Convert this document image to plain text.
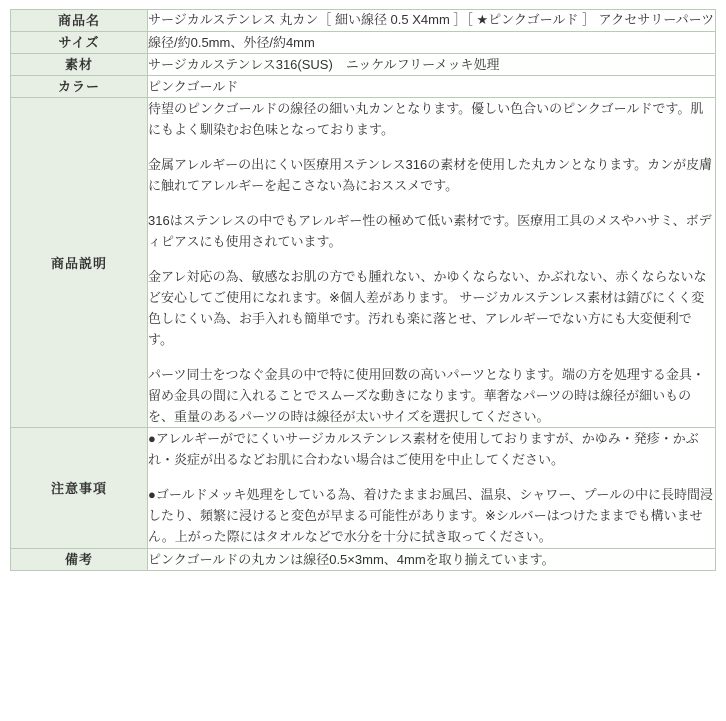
商品名	サージカルステンレス 丸カン［ 細い線径 0.5 X4mm ］［ ★ピンクゴールド ］ アクセサリーパーツ

サイズ	線径/約0.5mm、外径/約4mm

素材	サージカルステンレス316(SUS)　ニッケルフリーメッキ処理

カラー	ピンクゴールド

商品説明	待望のピンクゴールドの線径の細い丸カンとなります。優しい色合いのピンクゴールドです。肌にもよく馴染むお色味となっております。

金属アレルギーの出にくい医療用ステンレス316の素材を使用した丸カンとなります。カンが皮膚に触れてアレルギーを起こさない為におススメです。

316はステンレスの中でもアレルギー性の極めて低い素材です。医療用工具のメスやハサミ、ボディピアスにも使用されています。

金アレ対応の為、敏感なお肌の方でも腫れない、かゆくならない、かぶれない、赤くならないなど安心してご使用になれます。※個人差があります。 サージカルステンレス素材は錆びにくく変色しにくい為、お手入れも簡単です。汚れも楽に落とせ、アレルギーでない方にも大変便利です。

パーツ同士をつなぐ金具の中で特に使用回数の高いパーツとなります。端の方を処理する金具・留め金具の間に入れることでスムーズな動きになります。華奢なパーツの時は線径が細いものを、重量のあるパーツの時は線径が太いサイズを選択してください。

注意事項	●アレルギーがでにくいサージカルステンレス素材を使用しておりますが、かゆみ・発疹・かぶれ・炎症が出るなどお肌に合わない場合はご使用を中止してください。

●ゴールドメッキ処理をしている為、着けたままお風呂、温泉、シャワー、プールの中に長時間浸したり、頻繁に浸けると変色が早まる可能性があります。※シルバーはつけたままでも構いません。上がった際にはタオルなどで水分を十分に拭き取ってください。

備考	ピンクゴールドの丸カンは線径0.5×3mm、4mmを取り揃えています。
